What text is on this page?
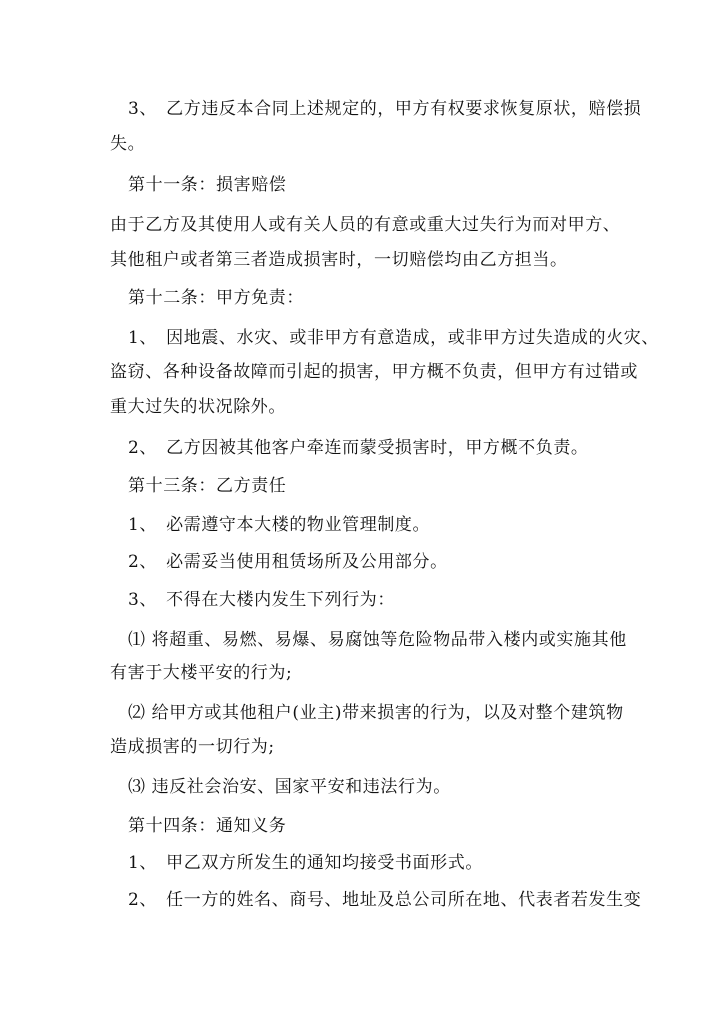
3、　乙方违反本合同上述规定的，甲方有权要求恢复原状，赔偿损
失。
第十一条：损害赔偿
由于乙方及其使用人或有关人员的有意或重大过失行为而对甲方、
其他租户或者第三者造成损害时，一切赔偿均由乙方担当。
第十二条：甲方免责：
1、　因地震、水灾、或非甲方有意造成，或非甲方过失造成的火灾、
盗窃、各种设备故障而引起的损害，甲方概不负责，但甲方有过错或
重大过失的状况除外。
2、　乙方因被其他客户牵连而蒙受损害时，甲方概不负责。
第十三条：乙方责任
1、　必需遵守本大楼的物业管理制度。
2、　必需妥当使用租赁场所及公用部分。
3、　不得在大楼内发生下列行为：
⑴ 将超重、易燃、易爆、易腐蚀等危险物品带入楼内或实施其他
有害于大楼平安的行为;
⑵ 给甲方或其他租户(业主)带来损害的行为，以及对整个建筑物
造成损害的一切行为;
⑶ 违反社会治安、国家平安和违法行为。
第十四条：通知义务
1、　甲乙双方所发生的通知均接受书面形式。
2、　任一方的姓名、商号、地址及总公司所在地、代表者若发生变
